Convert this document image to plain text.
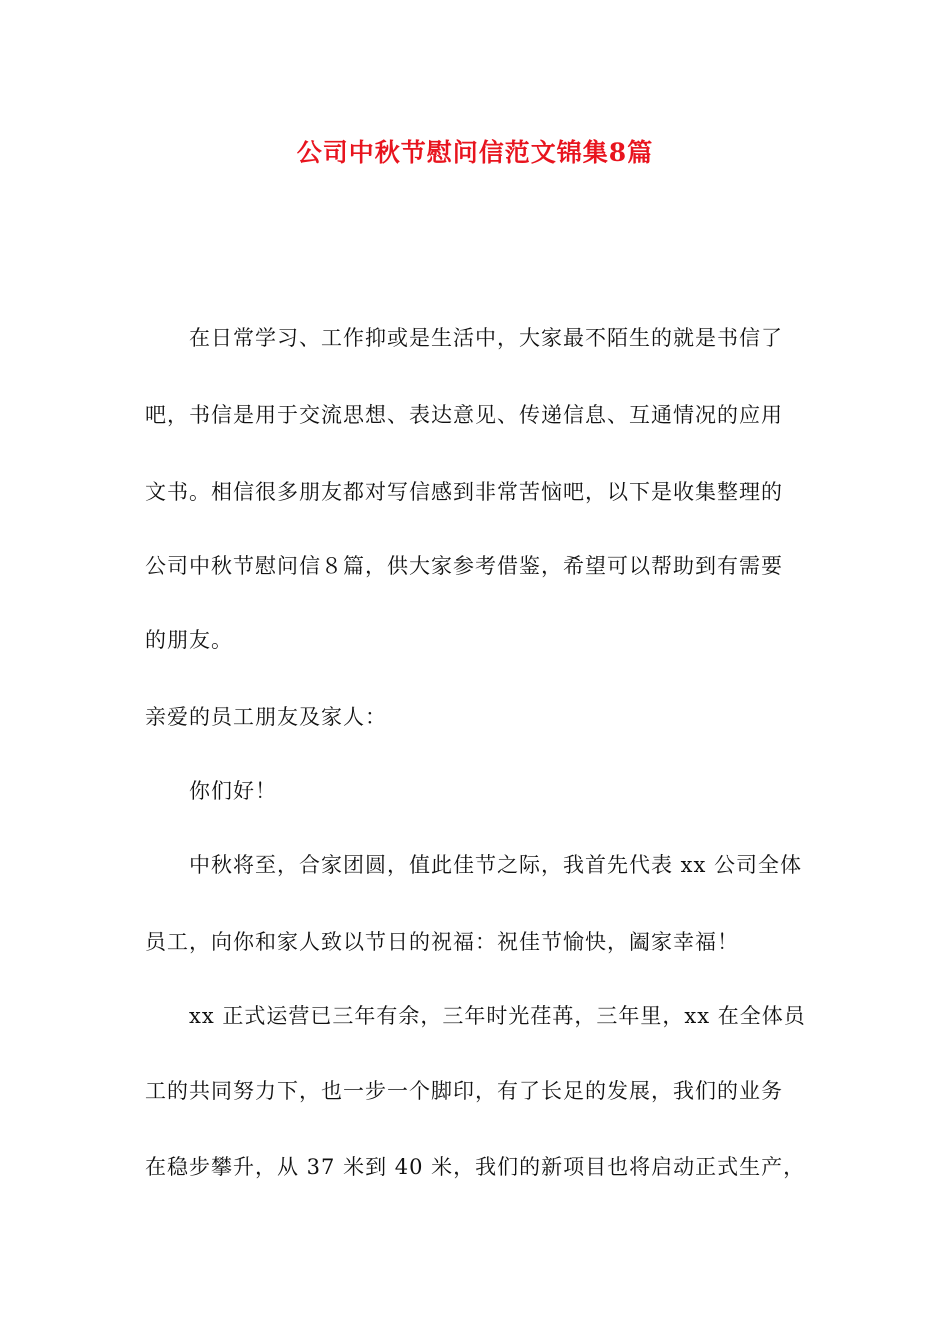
公司中秋节慰问信范文锦集8篇
在日常学习、工作抑或是生活中，大家最不陌生的就是书信了
吧，书信是用于交流思想、表达意见、传递信息、互通情况的应用
文书。相信很多朋友都对写信感到非常苦恼吧，以下是收集整理的
公司中秋节慰问信８篇，供大家参考借鉴，希望可以帮助到有需要
的朋友。
亲爱的员工朋友及家人：
你们好！
中秋将至，合家团圆，值此佳节之际，我首先代表 xx 公司全体
员工，向你和家人致以节日的祝福：祝佳节愉快，阖家幸福！
xx 正式运营已三年有余，三年时光荏苒，三年里，xx 在全体员
工的共同努力下，也一步一个脚印，有了长足的发展，我们的业务
在稳步攀升，从 37 米到 40 米，我们的新项目也将启动正式生产，
